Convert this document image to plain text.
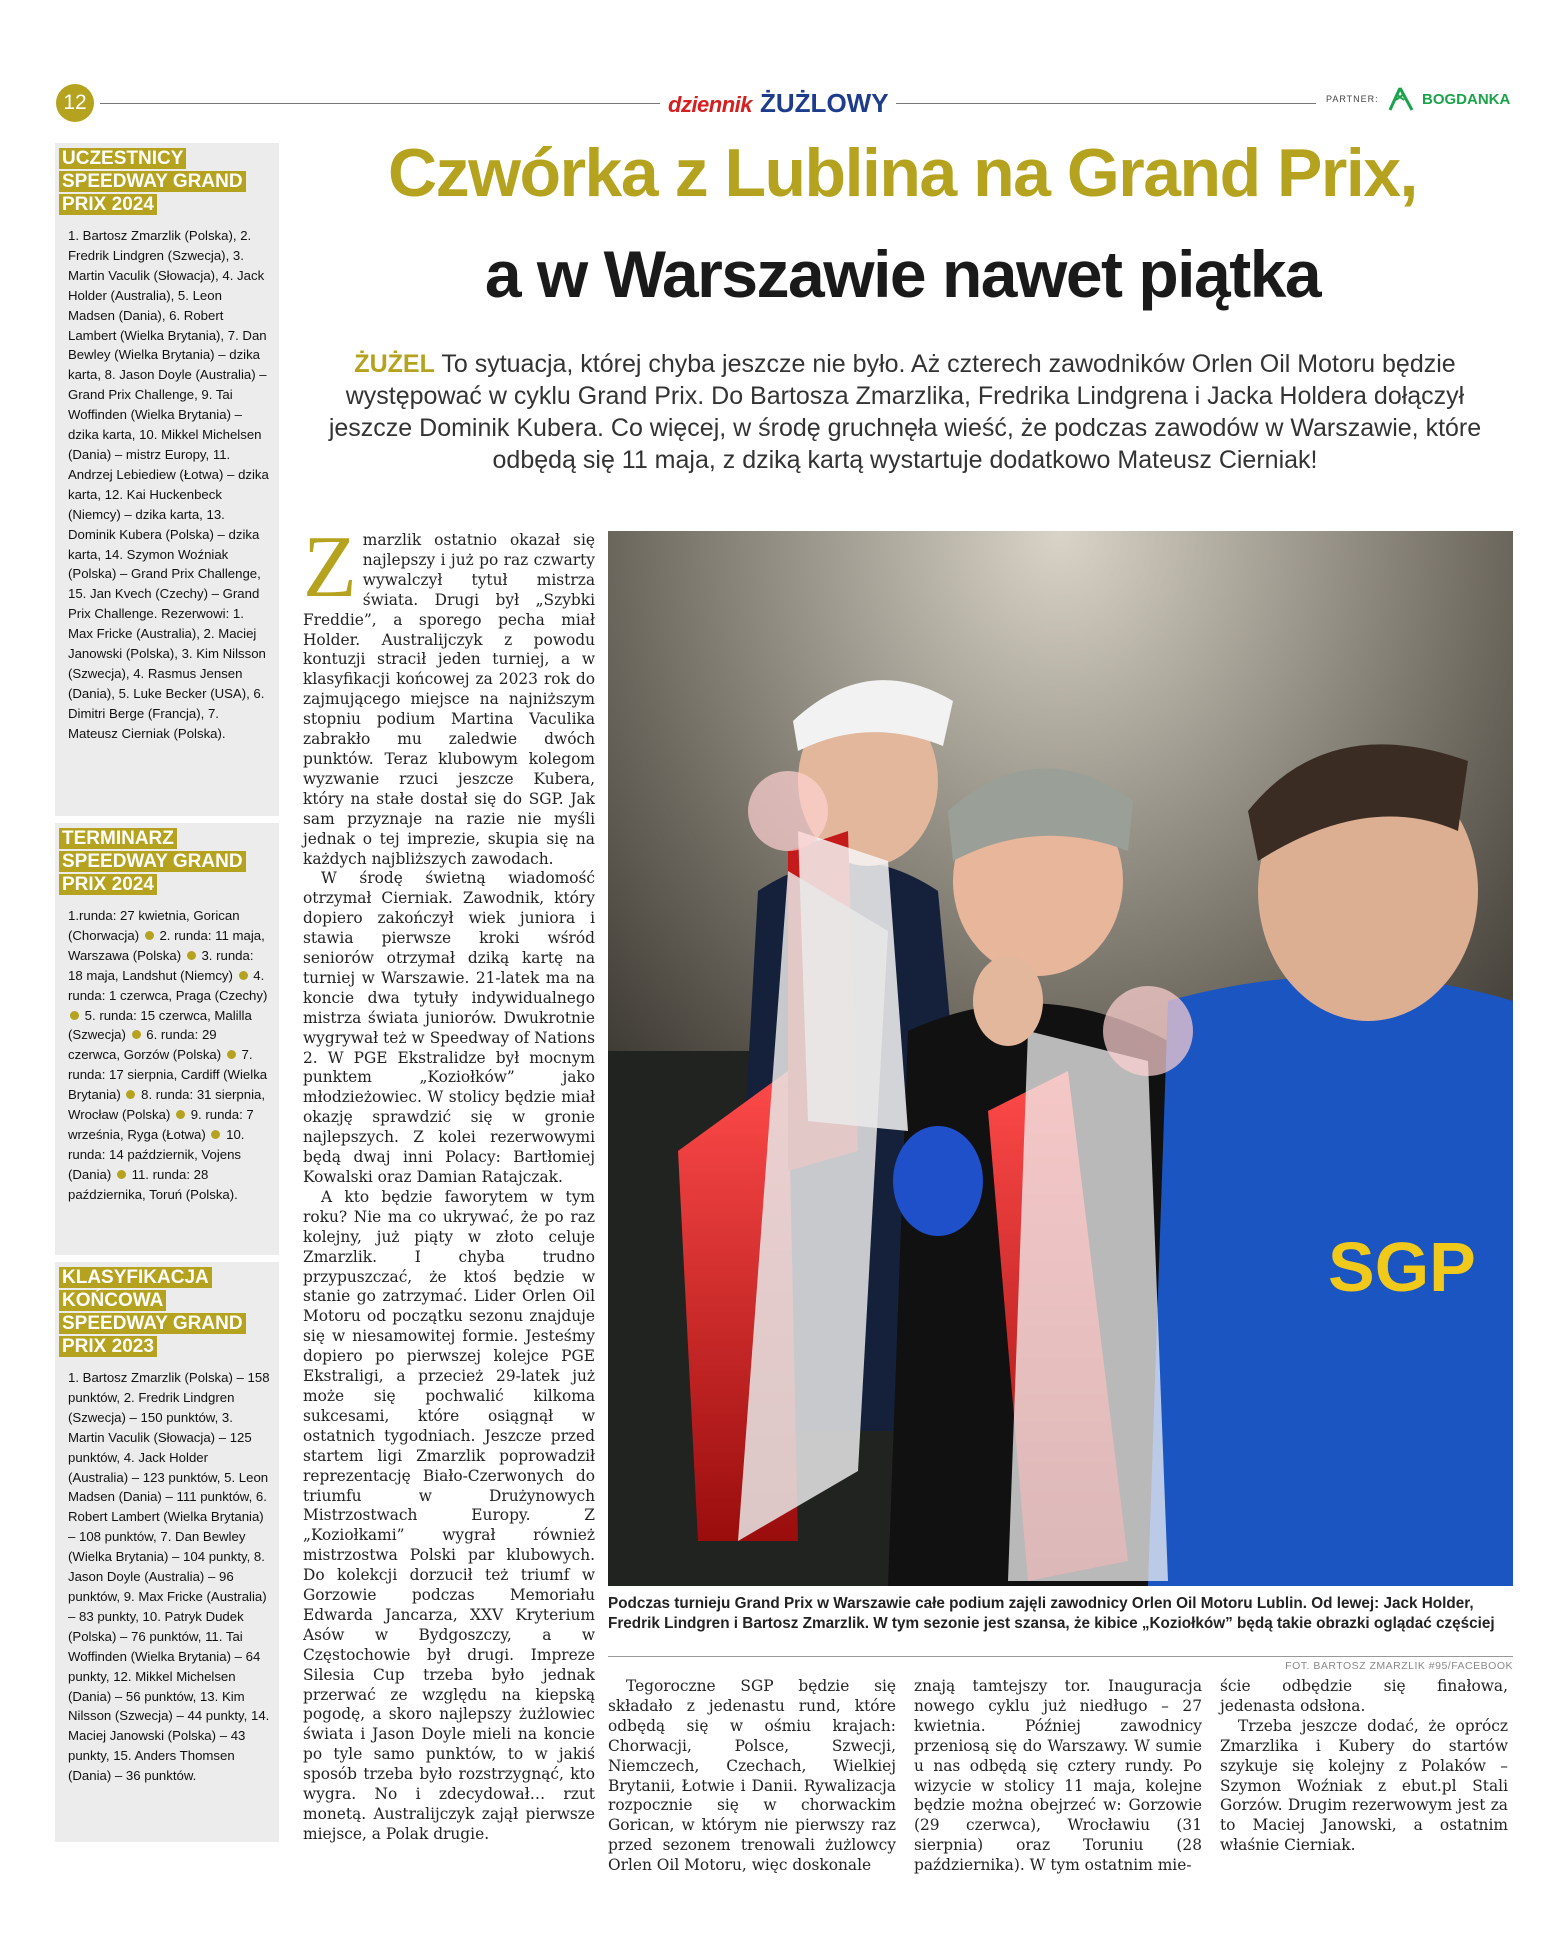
12	dziennik ŻUŻLOWY	PARTNER:	BOGDANKA
UCZESTNICY SPEEDWAY GRAND PRIX 2024
1. Bartosz Zmarzlik (Polska), 2. Fredrik Lindgren (Szwecja), 3. Martin Vaculik (Słowacja), 4. Jack Holder (Australia), 5. Leon Madsen (Dania), 6. Robert Lambert (Wielka Brytania), 7. Dan Bewley (Wielka Brytania) – dzika karta, 8. Jason Doyle (Australia) – Grand Prix Challenge, 9. Tai Woffinden (Wielka Brytania) – dzika karta, 10. Mikkel Michelsen (Dania) – mistrz Europy, 11. Andrzej Lebiediew (Łotwa) – dzika karta, 12. Kai Huckenbeck (Niemcy) – dzika karta, 13. Dominik Kubera (Polska) – dzika karta, 14. Szymon Woźniak (Polska) – Grand Prix Challenge, 15. Jan Kvech (Czechy) – Grand Prix Challenge. Rezerwowi: 1. Max Fricke (Australia), 2. Maciej Janowski (Polska), 3. Kim Nilsson (Szwecja), 4. Rasmus Jensen (Dania), 5. Luke Becker (USA), 6. Dimitri Berge (Francja), 7. Mateusz Cierniak (Polska).
TERMINARZ SPEEDWAY GRAND PRIX 2024
1.runda: 27 kwietnia, Gorican (Chorwacja) 2. runda: 11 maja, Warszawa (Polska) 3. runda: 18 maja, Landshut (Niemcy) 4. runda: 1 czerwca, Praga (Czechy)  5. runda: 15 czerwca, Malilla (Szwecja) 6. runda: 29 czerwca, Gorzów (Polska) 7. runda: 17 sierpnia, Cardiff (Wielka Brytania) 8. runda: 31 sierpnia, Wrocław (Polska) 9. runda: 7 września, Ryga (Łotwa) 10. runda: 14 październik, Vojens (Dania) 11. runda: 28 października, Toruń (Polska).
KLASYFIKACJA KOŃCOWA SPEEDWAY GRAND PRIX 2023
1. Bartosz Zmarzlik (Polska) – 158 punktów, 2. Fredrik Lindgren (Szwecja) – 150 punktów, 3. Martin Vaculik (Słowacja) – 125 punktów, 4. Jack Holder (Australia) – 123 punktów, 5. Leon Madsen (Dania) – 111 punktów, 6. Robert Lambert (Wielka Brytania) – 108 punktów, 7. Dan Bewley (Wielka Brytania) – 104 punkty, 8. Jason Doyle (Australia) – 96 punktów, 9. Max Fricke (Australia) – 83 punkty, 10. Patryk Dudek (Polska) – 76 punktów, 11. Tai Woffinden (Wielka Brytania) – 64 punkty, 12. Mikkel Michelsen (Dania) – 56 punktów, 13. Kim Nilsson (Szwecja) – 44 punkty, 14. Maciej Janowski (Polska) – 43 punkty, 15. Anders Thomsen (Dania) – 36 punktów.
Czwórka z Lublina na Grand Prix,
a w Warszawie nawet piątka
ŻUŻEL To sytuacja, której chyba jeszcze nie było. Aż czterech zawodników Orlen Oil Motoru będzie występować w cyklu Grand Prix. Do Bartosza Zmarzlika, Fredrika Lindgrena i Jacka Holdera dołączył jeszcze Dominik Kubera. Co więcej, w środę gruchnęła wieść, że podczas zawodów w Warszawie, które odbędą się 11 maja, z dziką kartą wystartuje dodatkowo Mateusz Cierniak!

Zmarzlik ostatnio okazał się najlepszy i już po raz czwarty wywalczył tytuł mistrza świata. Drugi był „Szybki Freddie”, a sporego pecha miał Holder. Australijczyk z powodu kontuzji stracił jeden turniej, a w klasyfikacji końcowej za 2023 rok do zajmującego miejsce na najniższym stopniu podium Martina Vaculika zabrakło mu zaledwie dwóch punktów. Teraz klubowym kolegom wyzwanie rzuci jeszcze Kubera, który na stałe dostał się do SGP. Jak sam przyznaje na razie nie myśli jednak o tej imprezie, skupia się na każdych najbliższych zawodach.

W środę świetną wiadomość otrzymał Cierniak. Zawodnik, który dopiero zakończył wiek juniora i stawia pierwsze kroki wśród seniorów otrzymał dziką kartę na turniej w Warszawie. 21-latek ma na koncie dwa tytuły indywidualnego mistrza świata juniorów. Dwukrotnie wygrywał też w Speedway of Nations 2. W PGE Ekstralidze był mocnym punktem „Koziołków” jako młodzieżowiec. W stolicy będzie miał okazję sprawdzić się w gronie najlepszych. Z kolei rezerwowymi będą dwaj inni Polacy: Bartłomiej Kowalski oraz Damian Ratajczak.

A kto będzie faworytem w tym roku? Nie ma co ukrywać, że po raz kolejny, już piąty w złoto celuje Zmarzlik. I chyba trudno przypuszczać, że ktoś będzie w stanie go zatrzymać. Lider Orlen Oil Motoru od początku sezonu znajduje się w niesamowitej formie. Jesteśmy dopiero po pierwszej kolejce PGE Ekstraligi, a przecież 29-latek już może się pochwalić kilkoma sukcesami, które osiągnął w ostatnich tygodniach. Jeszcze przed startem ligi Zmarzlik poprowadził reprezentację Biało-Czerwonych do triumfu w Drużynowych Mistrzostwach Europy. Z „Koziołkami” wygrał również mistrzostwa Polski par klubowych. Do kolekcji dorzucił też triumf w Gorzowie podczas Memoriału Edwarda Jancarza, XXV Kryterium Asów w Bydgoszczy, a w Częstochowie był drugi. Impreze Silesia Cup trzeba było jednak przerwać ze względu na kiepską pogodę, a skoro najlepszy żużlowiec świata i Jason Doyle mieli na koncie po tyle samo punktów, to w jakiś sposób trzeba było rozstrzygnąć, kto wygra. No i zdecydował… rzut monetą. Australijczyk zajął pierwsze miejsce, a Polak drugie.

SGP
Podczas turnieju Grand Prix w Warszawie całe podium zajęli zawodnicy Orlen Oil Motoru Lublin. Od lewej: Jack Holder, Fredrik Lindgren i Bartosz Zmarzlik. W tym sezonie jest szansa, że kibice „Koziołków” będą takie obrazki oglądać częściej
FOT. BARTOSZ ZMARZLIK #95/FACEBOOK

Tegoroczne SGP będzie się składało z jedenastu rund, które odbędą się w ośmiu krajach: Chorwacji, Polsce, Szwecji, Niemczech, Czechach, Wielkiej Brytanii, Łotwie i Danii. Rywalizacja rozpocznie się w chorwackim Gorican, w którym nie pierwszy raz przed sezonem trenowali żużlowcy Orlen Oil Motoru, więc doskonale

znają tamtejszy tor. Inauguracja nowego cyklu już niedługo – 27 kwietnia. Później zawodnicy przeniosą się do Warszawy. W sumie u nas odbędą się cztery rundy. Po wizycie w stolicy 11 maja, kolejne będzie można obejrzeć w: Gorzowie (29 czerwca), Wrocławiu (31 sierpnia) oraz Toruniu (28 października). W tym ostatnim mie-

ście odbędzie się finałowa, jedenasta odsłona.

Trzeba jeszcze dodać, że oprócz Zmarzlika i Kubery do startów szykuje się kolejny z Polaków – Szymon Woźniak z ebut.pl Stali Gorzów. Drugim rezerwowym jest za to Maciej Janowski, a ostatnim właśnie Cierniak.
